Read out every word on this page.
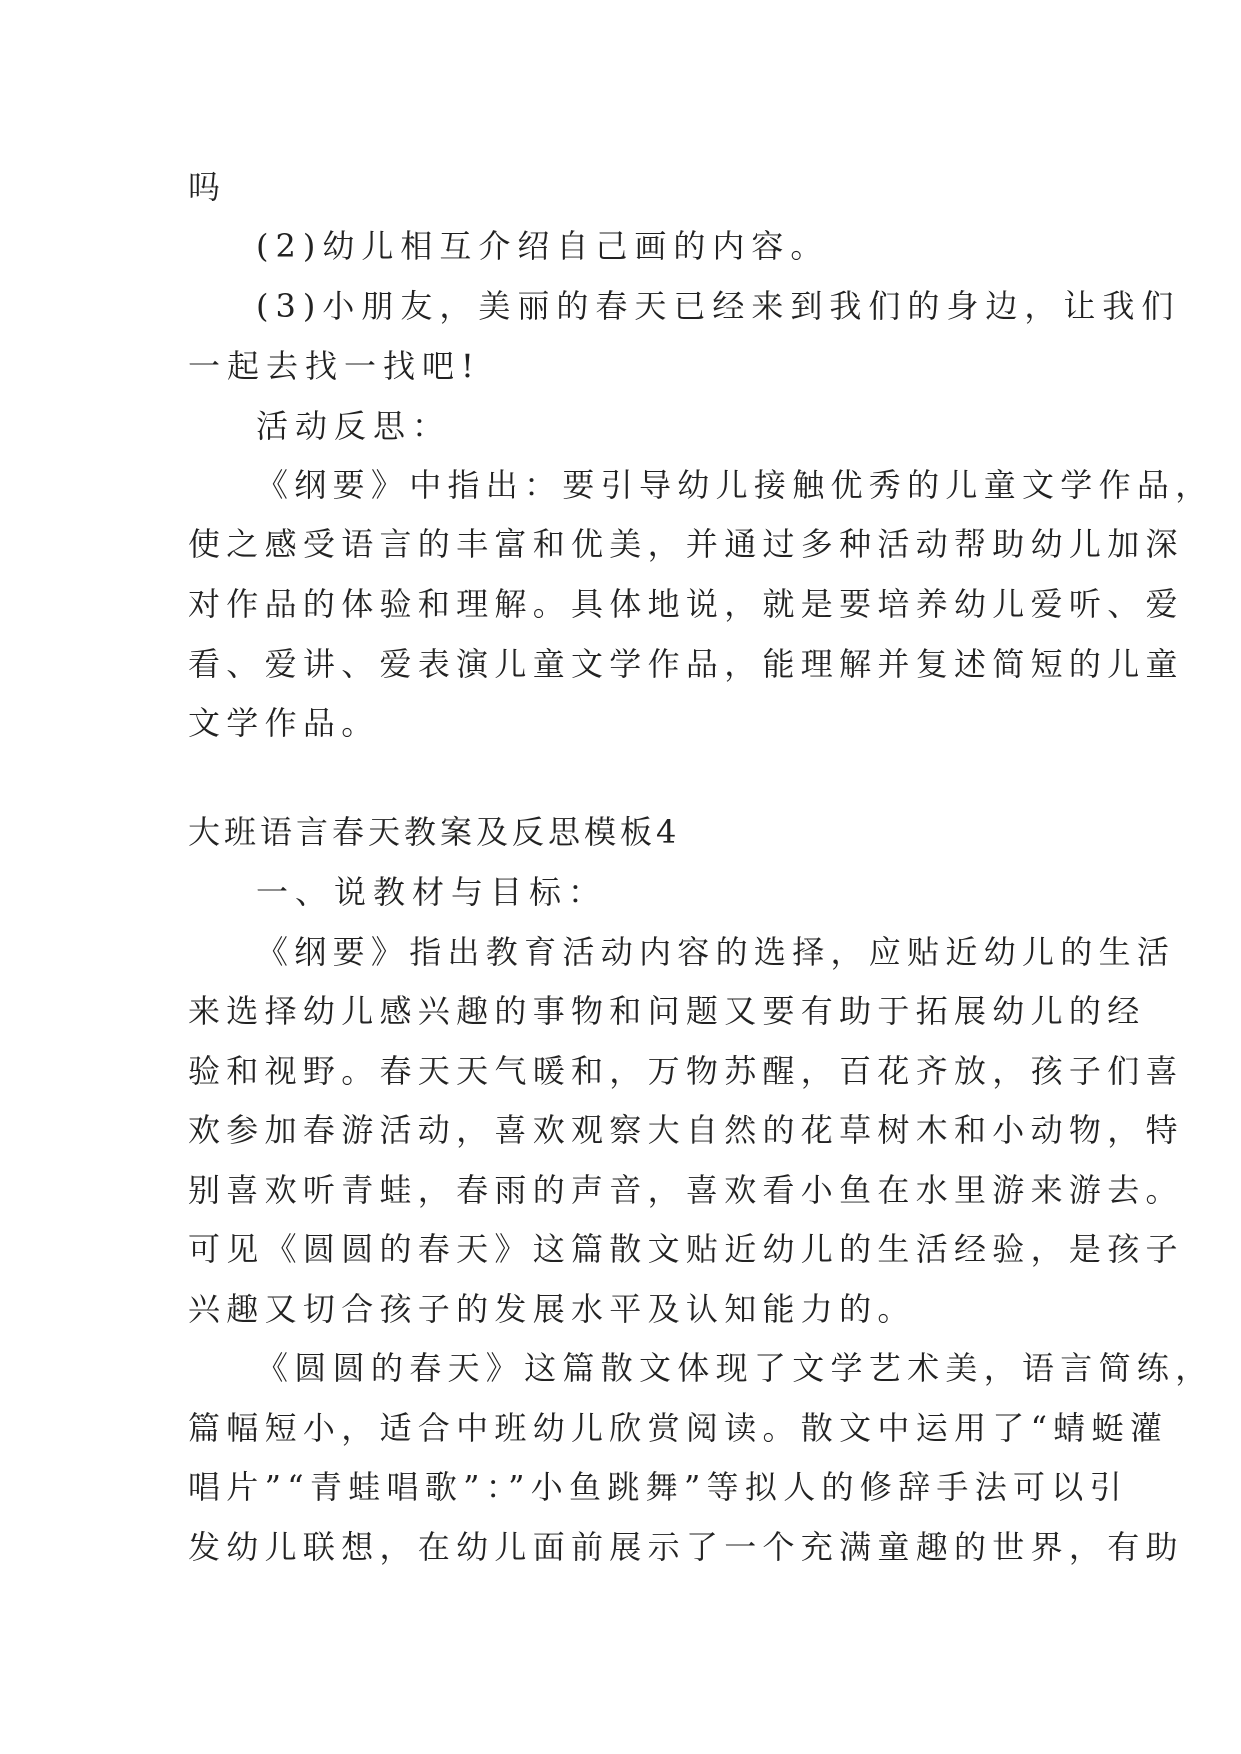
吗
(2)幼儿相互介绍自己画的内容。
(3)小朋友，美丽的春天已经来到我们的身边，让我们
一起去找一找吧!
活动反思：
《纲要》中指出：要引导幼儿接触优秀的儿童文学作品，
使之感受语言的丰富和优美，并通过多种活动帮助幼儿加深
对作品的体验和理解。具体地说，就是要培养幼儿爱听、爱
看、爱讲、爱表演儿童文学作品，能理解并复述简短的儿童
文学作品。
大班语言春天教案及反思模板4
一、说教材与目标：
《纲要》指出教育活动内容的选择，应贴近幼儿的生活
来选择幼儿感兴趣的事物和问题又要有助于拓展幼儿的经
验和视野。春天天气暖和，万物苏醒，百花齐放，孩子们喜
欢参加春游活动，喜欢观察大自然的花草树木和小动物，特
别喜欢听青蛙，春雨的声音，喜欢看小鱼在水里游来游去。
可见《圆圆的春天》这篇散文贴近幼儿的生活经验，是孩子
兴趣又切合孩子的发展水平及认知能力的。
《圆圆的春天》这篇散文体现了文学艺术美，语言简练，
篇幅短小，适合中班幼儿欣赏阅读。散文中运用了“蜻蜓灌
唱片”“青蛙唱歌”：”小鱼跳舞”等拟人的修辞手法可以引
发幼儿联想，在幼儿面前展示了一个充满童趣的世界，有助
